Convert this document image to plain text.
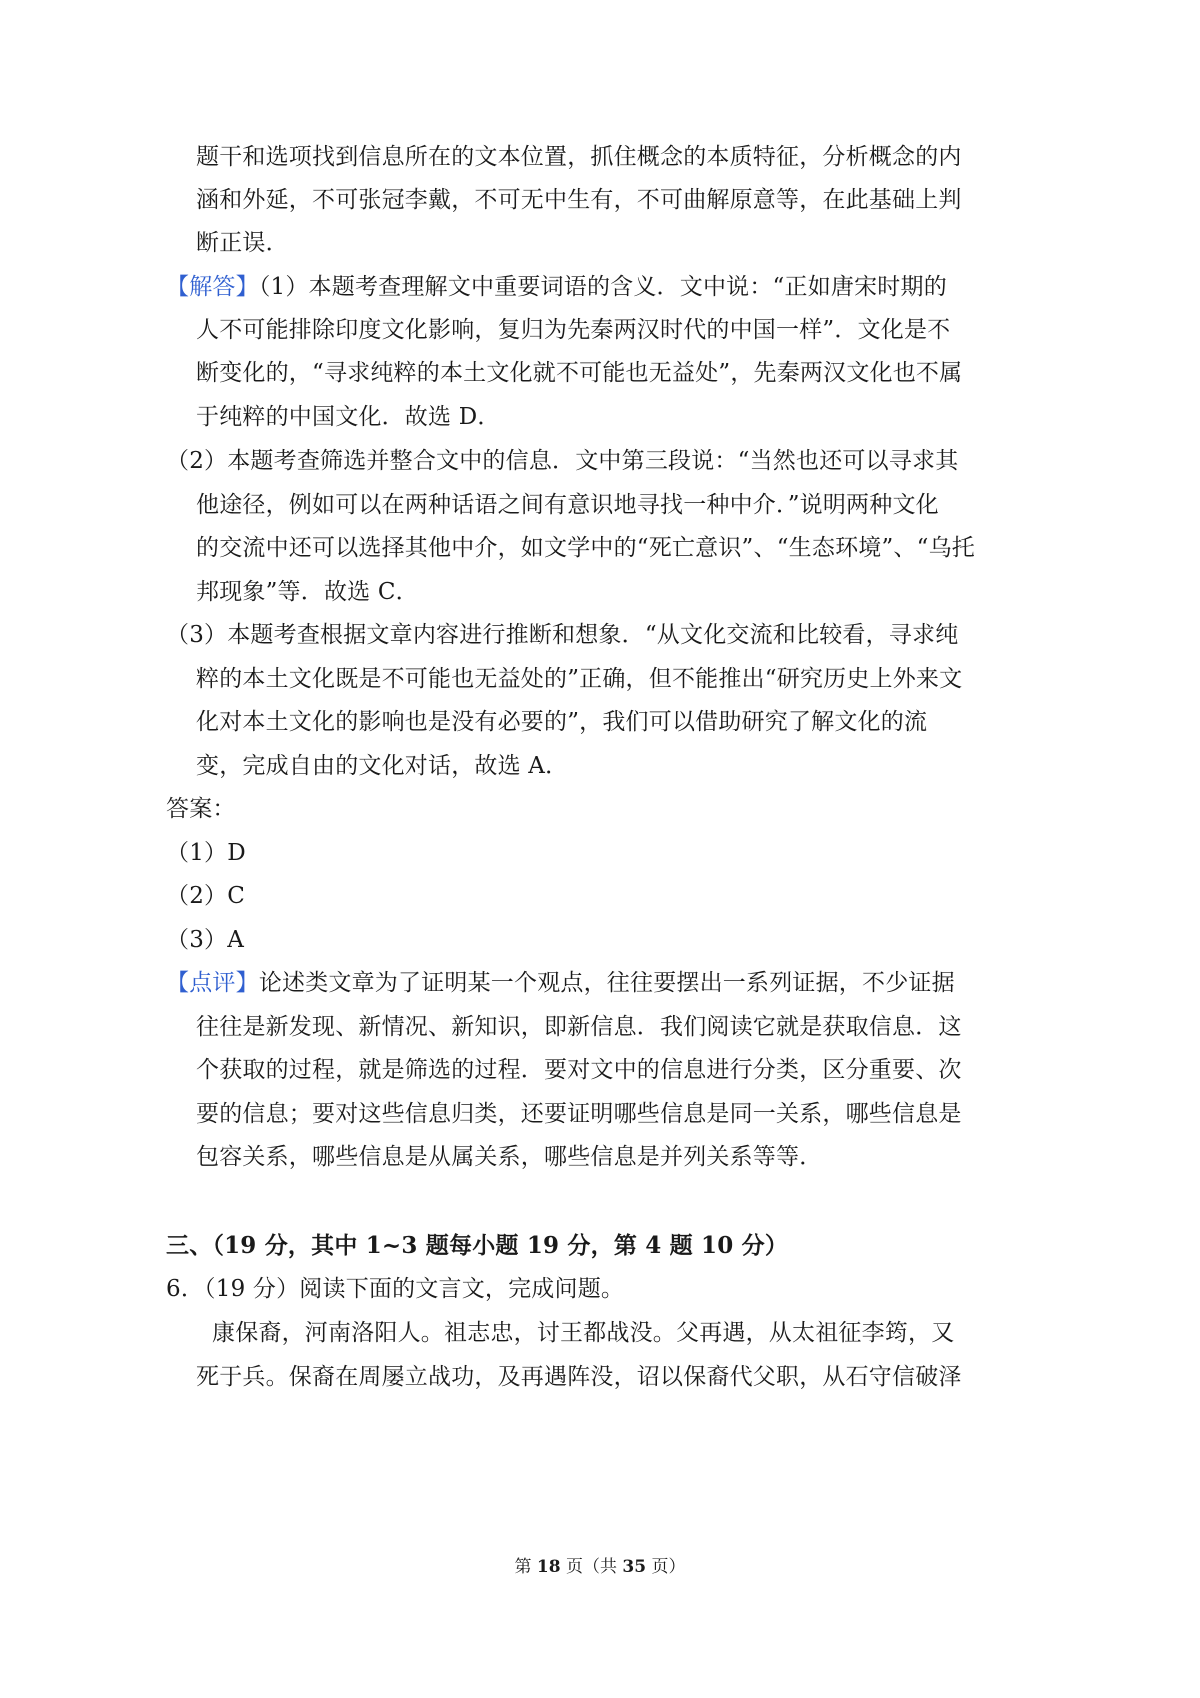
题干和选项找到信息所在的文本位置，抓住概念的本质特征，分析概念的内
涵和外延，不可张冠李戴，不可无中生有，不可曲解原意等，在此基础上判
断正误．
【解答】（1）本题考查理解文中重要词语的含义．文中说：“正如唐宋时期的
人不可能排除印度文化影响，复归为先秦两汉时代的中国一样”．文化是不
断变化的，“寻求纯粹的本土文化就不可能也无益处”，先秦两汉文化也不属
于纯粹的中国文化．故选 D．
（2）本题考查筛选并整合文中的信息．文中第三段说：“当然也还可以寻求其
他途径，例如可以在两种话语之间有意识地寻找一种中介．”说明两种文化
的交流中还可以选择其他中介，如文学中的“死亡意识”、“生态环境”、“乌托
邦现象”等．故选 C．
（3）本题考查根据文章内容进行推断和想象．“从文化交流和比较看，寻求纯
粹的本土文化既是不可能也无益处的”正确，但不能推出“研究历史上外来文
化对本土文化的影响也是没有必要的”，我们可以借助研究了解文化的流
变，完成自由的文化对话，故选 A．
答案：
（1）D
（2）C
（3）A
【点评】论述类文章为了证明某一个观点，往往要摆出一系列证据，不少证据
往往是新发现、新情况、新知识，即新信息．我们阅读它就是获取信息．这
个获取的过程，就是筛选的过程．要对文中的信息进行分类，区分重要、次
要的信息；要对这些信息归类，还要证明哪些信息是同一关系，哪些信息是
包容关系，哪些信息是从属关系，哪些信息是并列关系等等．
三、（19 分，其中 1~3 题每小题 19 分，第 4 题 10 分）
6．（19 分）阅读下面的文言文，完成问题。
康保裔，河南洛阳人。祖志忠，讨王都战没。父再遇，从太祖征李筠，又
死于兵。保裔在周屡立战功，及再遇阵没，诏以保裔代父职，从石守信破泽
第 18 页（共 35 页）
